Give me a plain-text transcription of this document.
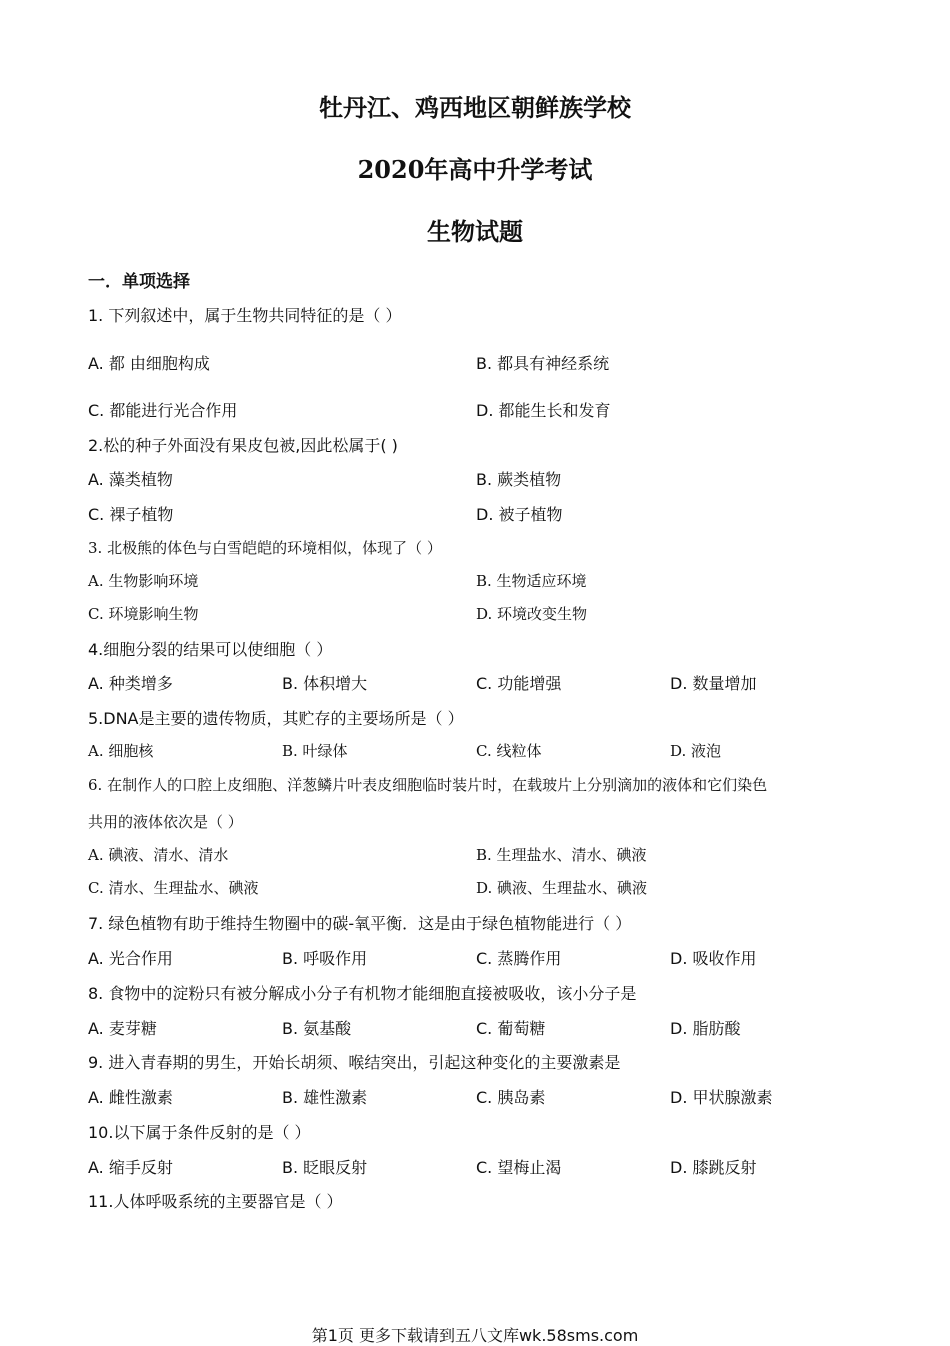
牡丹江、鸡西地区朝鲜族学校
2020年高中升学考试
生物试题
一．单项选择
1. 下列叙述中，属于生物共同特征的是（ ）
A. 都 由细胞构成	B. 都具有神经系统
C. 都能进行光合作用	D. 都能生长和发育
2.松的种子外面没有果皮包被,因此松属于( )
A. 藻类植物	B. 蕨类植物
C. 裸子植物	D. 被子植物
3. 北极熊的体色与白雪皑皑的环境相似，体现了（ ）
A. 生物影响环境	B. 生物适应环境
C. 环境影响生物	D. 环境改变生物
4.细胞分裂的结果可以使细胞（ ）
A. 种类增多	B. 体积增大	C. 功能增强	D. 数量增加
5.DNA是主要的遗传物质，其贮存的主要场所是（ ）
A. 细胞核	B. 叶绿体	C. 线粒体	D. 液泡
6. 在制作人的口腔上皮细胞、洋葱鳞片叶表皮细胞临时装片时，在载玻片上分别滴加的液体和它们染色
共用的液体依次是（ ）
A. 碘液、清水、清水	B. 生理盐水、清水、碘液
C. 清水、生理盐水、碘液	D. 碘液、生理盐水、碘液
7. 绿色植物有助于维持生物圈中的碳-氧平衡．这是由于绿色植物能进行（ ）
A. 光合作用	B. 呼吸作用	C. 蒸腾作用	D. 吸收作用
8. 食物中的淀粉只有被分解成小分子有机物才能细胞直接被吸收，该小分子是
A. 麦芽糖	B. 氨基酸	C. 葡萄糖	D. 脂肪酸
9. 进入青春期的男生，开始长胡须、喉结突出，引起这种变化的主要激素是
A. 雌性激素	B. 雄性激素	C. 胰岛素	D. 甲状腺激素
10.以下属于条件反射的是（ ）
A. 缩手反射	B. 眨眼反射	C. 望梅止渴	D. 膝跳反射
11.人体呼吸系统的主要器官是（ ）
第1页 更多下载请到五八文库wk.58sms.com
